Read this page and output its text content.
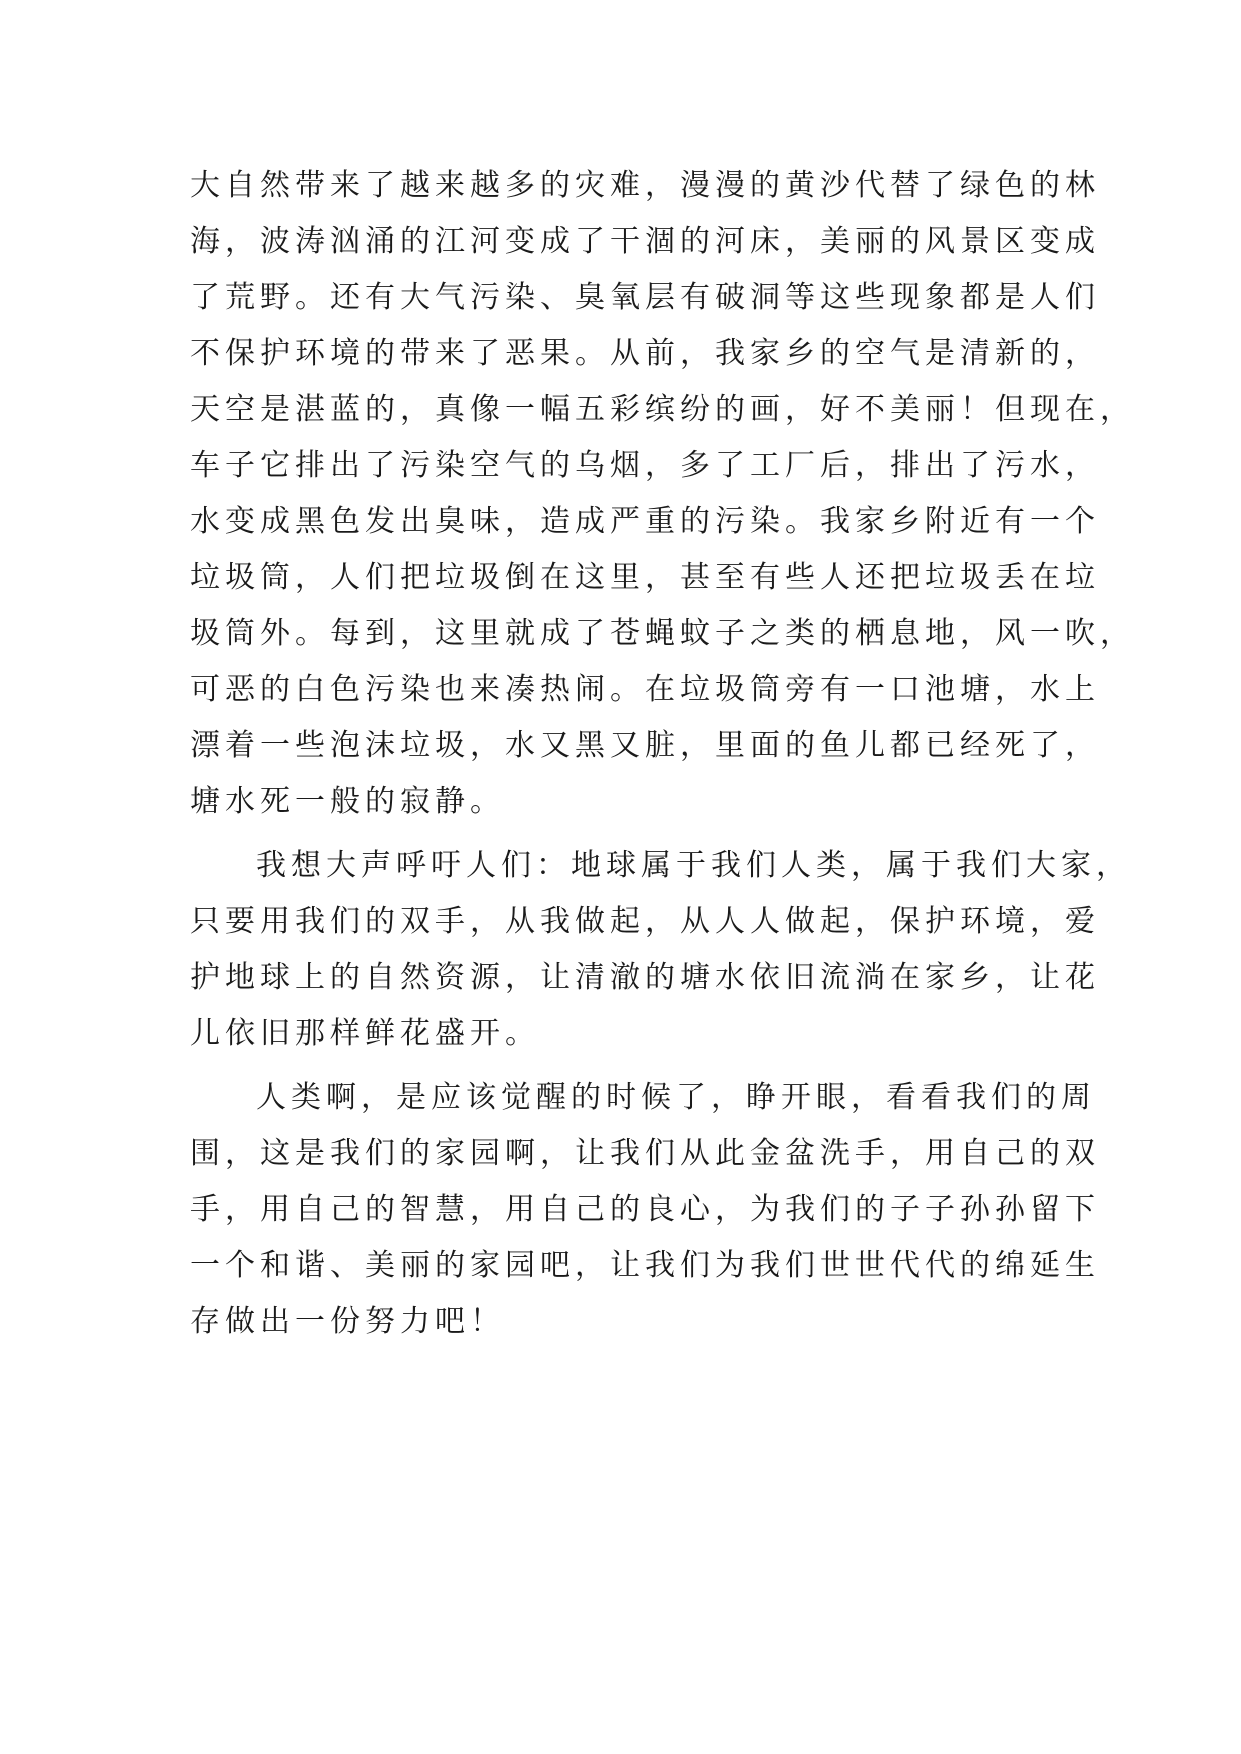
大自然带来了越来越多的灾难，漫漫的黄沙代替了绿色的林
海，波涛汹涌的江河变成了干涸的河床，美丽的风景区变成
了荒野。还有大气污染、臭氧层有破洞等这些现象都是人们
不保护环境的带来了恶果。从前，我家乡的空气是清新的，
天空是湛蓝的，真像一幅五彩缤纷的画，好不美丽！但现在，
车子它排出了污染空气的乌烟，多了工厂后，排出了污水，
水变成黑色发出臭味，造成严重的污染。我家乡附近有一个
垃圾筒，人们把垃圾倒在这里，甚至有些人还把垃圾丢在垃
圾筒外。每到，这里就成了苍蝇蚊子之类的栖息地，风一吹，
可恶的白色污染也来凑热闹。在垃圾筒旁有一口池塘，水上
漂着一些泡沫垃圾，水又黑又脏，里面的鱼儿都已经死了，
塘水死一般的寂静。
我想大声呼吁人们：地球属于我们人类，属于我们大家，
只要用我们的双手，从我做起，从人人做起，保护环境，爱
护地球上的自然资源，让清澈的塘水依旧流淌在家乡，让花
儿依旧那样鲜花盛开。
人类啊，是应该觉醒的时候了，睁开眼，看看我们的周
围，这是我们的家园啊，让我们从此金盆洗手，用自己的双
手，用自己的智慧，用自己的良心，为我们的子子孙孙留下
一个和谐、美丽的家园吧，让我们为我们世世代代的绵延生
存做出一份努力吧！
